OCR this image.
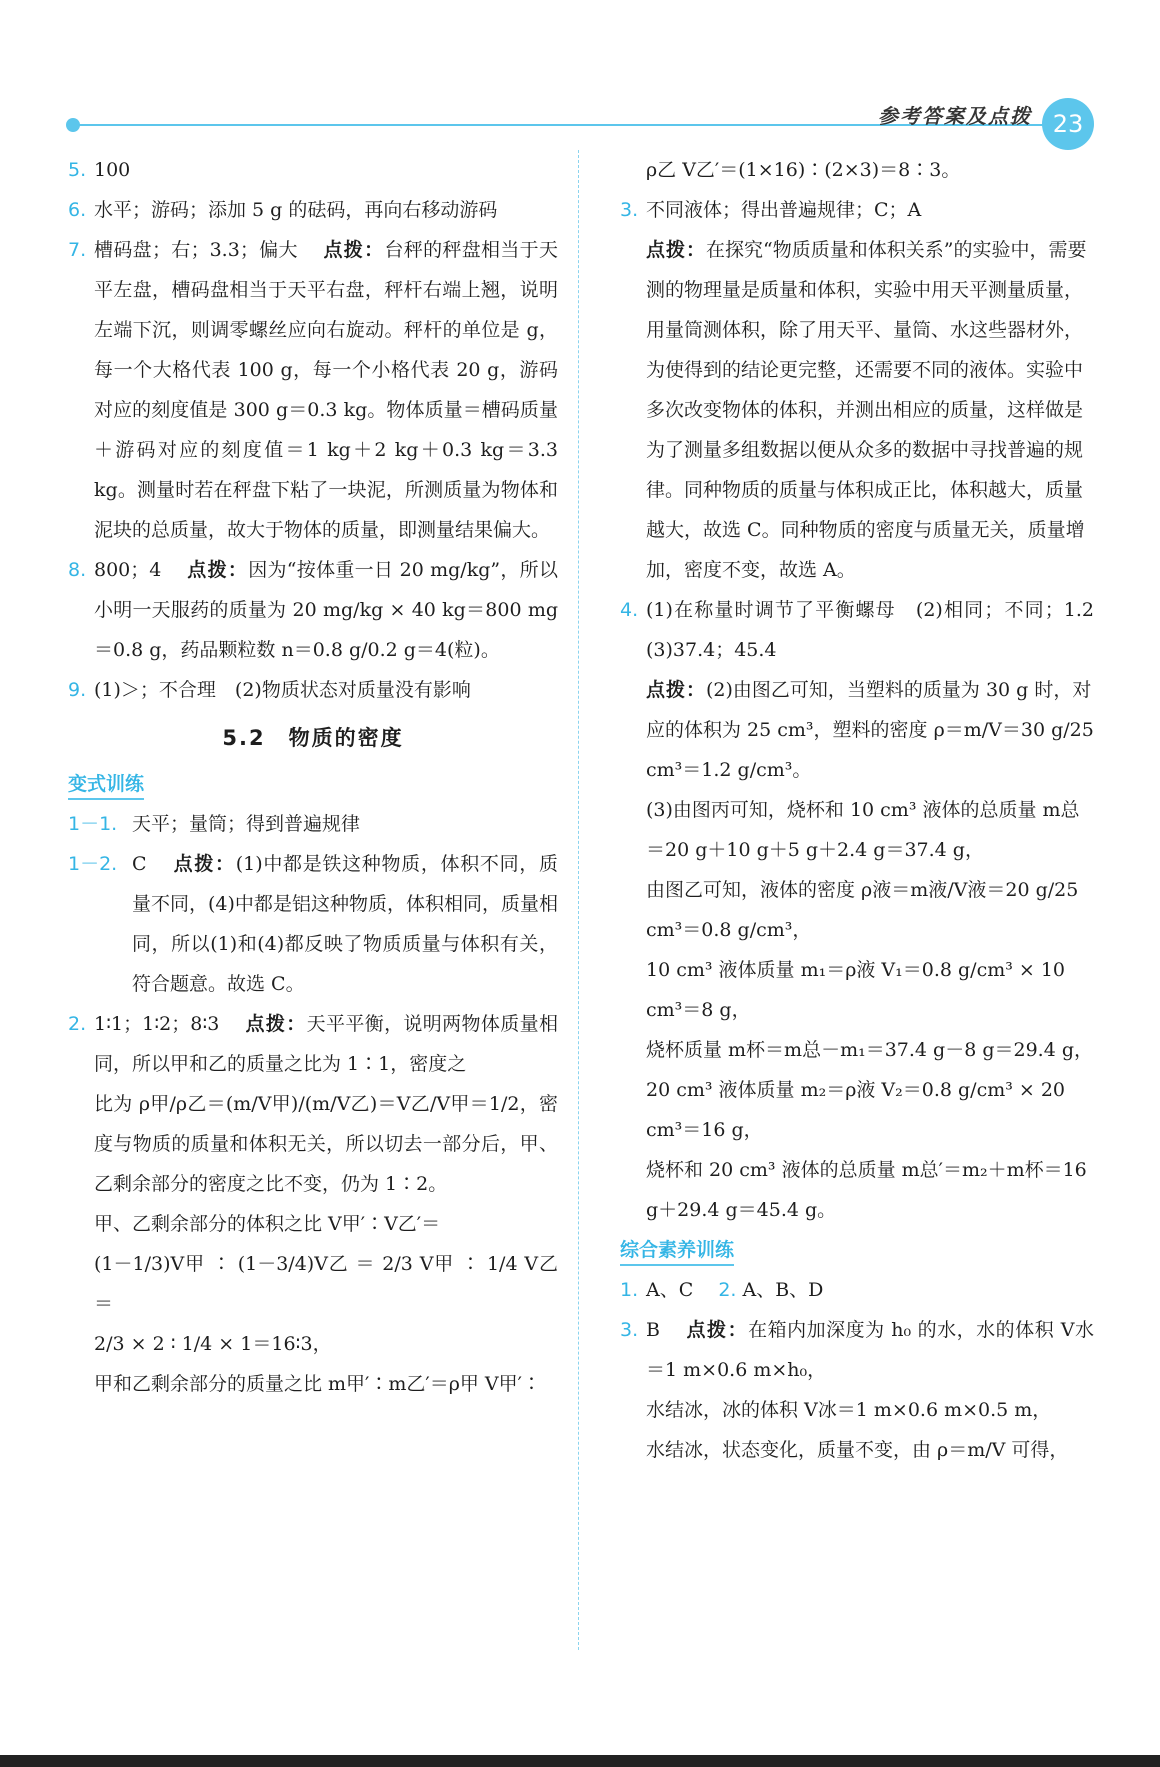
参考答案及点拨 23
5. 100
6. 水平；游码；添加 5 g 的砝码，再向右移动游码
7. 槽码盘；右；3.3；偏大　 点拨：台秤的秤盘相当于天平左盘，槽码盘相当于天平右盘，秤杆右端上翘，说明左端下沉，则调零螺丝应向右旋动。秤杆的单位是 g，每一个大格代表 100 g，每一个小格代表 20 g，游码对应的刻度值是 300 g＝0.3 kg。物体质量＝槽码质量＋游码对应的刻度值＝1 kg＋2 kg＋0.3 kg＝3.3 kg。测量时若在秤盘下粘了一块泥，所测质量为物体和泥块的总质量，故大于物体的质量，即测量结果偏大。
8. 800；4　 点拨：因为“按体重一日 20 mg/kg”，所以小明一天服药的质量为 20 mg/kg × 40 kg＝800 mg＝0.8 g，药品颗粒数 n＝0.8 g/0.2 g＝4(粒)。
9. (1)＞；不合理　(2)物质状态对质量没有影响
5.2　物质的密度
变式训练
1－1. 天平；量筒；得到普遍规律
1－2. C　 点拨：(1)中都是铁这种物质，体积不同，质量不同，(4)中都是铝这种物质，体积相同，质量相同，所以(1)和(4)都反映了物质质量与体积有关，符合题意。故选 C。
2. 1∶1；1∶2；8∶3　 点拨：天平平衡，说明两物体质量相同，所以甲和乙的质量之比为 1∶1，密度之
比为 ρ甲/ρ乙＝(m/V甲)/(m/V乙)＝V乙/V甲＝1/2，密度与物质的质量和体积无关，所以切去一部分后，甲、乙剩余部分的密度之比不变，仍为 1∶2。
甲、乙剩余部分的体积之比 V甲′∶V乙′＝
(1－1/3)V甲 ∶ (1－3/4)V乙 ＝ 2/3 V甲 ∶ 1/4 V乙 ＝
2/3 × 2 ∶ 1/4 × 1＝16∶3，
甲和乙剩余部分的质量之比 m甲′∶m乙′＝ρ甲 V甲′∶
ρ乙 V乙′＝(1×16)∶(2×3)＝8∶3。
3. 不同液体；得出普遍规律；C；A
点拨：在探究“物质质量和体积关系”的实验中，需要测的物理量是质量和体积，实验中用天平测量质量，用量筒测体积，除了用天平、量筒、水这些器材外，为使得到的结论更完整，还需要不同的液体。实验中多次改变物体的体积，并测出相应的质量，这样做是为了测量多组数据以便从众多的数据中寻找普遍的规律。同种物质的质量与体积成正比，体积越大，质量越大，故选 C。同种物质的密度与质量无关，质量增加，密度不变，故选 A。
4. (1)在称量时调节了平衡螺母　(2)相同；不同；1.2　(3)37.4；45.4
点拨：(2)由图乙可知，当塑料的质量为 30 g 时，对应的体积为 25 cm³，塑料的密度 ρ＝m/V＝30 g/25 cm³＝1.2 g/cm³。
(3)由图丙可知，烧杯和 10 cm³ 液体的总质量 m总＝20 g＋10 g＋5 g＋2.4 g＝37.4 g，
由图乙可知，液体的密度 ρ液＝m液/V液＝20 g/25 cm³＝0.8 g/cm³，
10 cm³ 液体质量 m₁＝ρ液 V₁＝0.8 g/cm³ × 10 cm³＝8 g，
烧杯质量 m杯＝m总－m₁＝37.4 g－8 g＝29.4 g，
20 cm³ 液体质量 m₂＝ρ液 V₂＝0.8 g/cm³ × 20 cm³＝16 g，
烧杯和 20 cm³ 液体的总质量 m总′＝m₂＋m杯＝16 g＋29.4 g＝45.4 g。
综合素养训练
1. A、C　 2. A、B、D
3. B　 点拨：在箱内加深度为 h₀ 的水，水的体积 V水＝1 m×0.6 m×h₀，
水结冰，冰的体积 V冰＝1 m×0.6 m×0.5 m，
水结冰，状态变化，质量不变，由 ρ＝m/V 可得，
